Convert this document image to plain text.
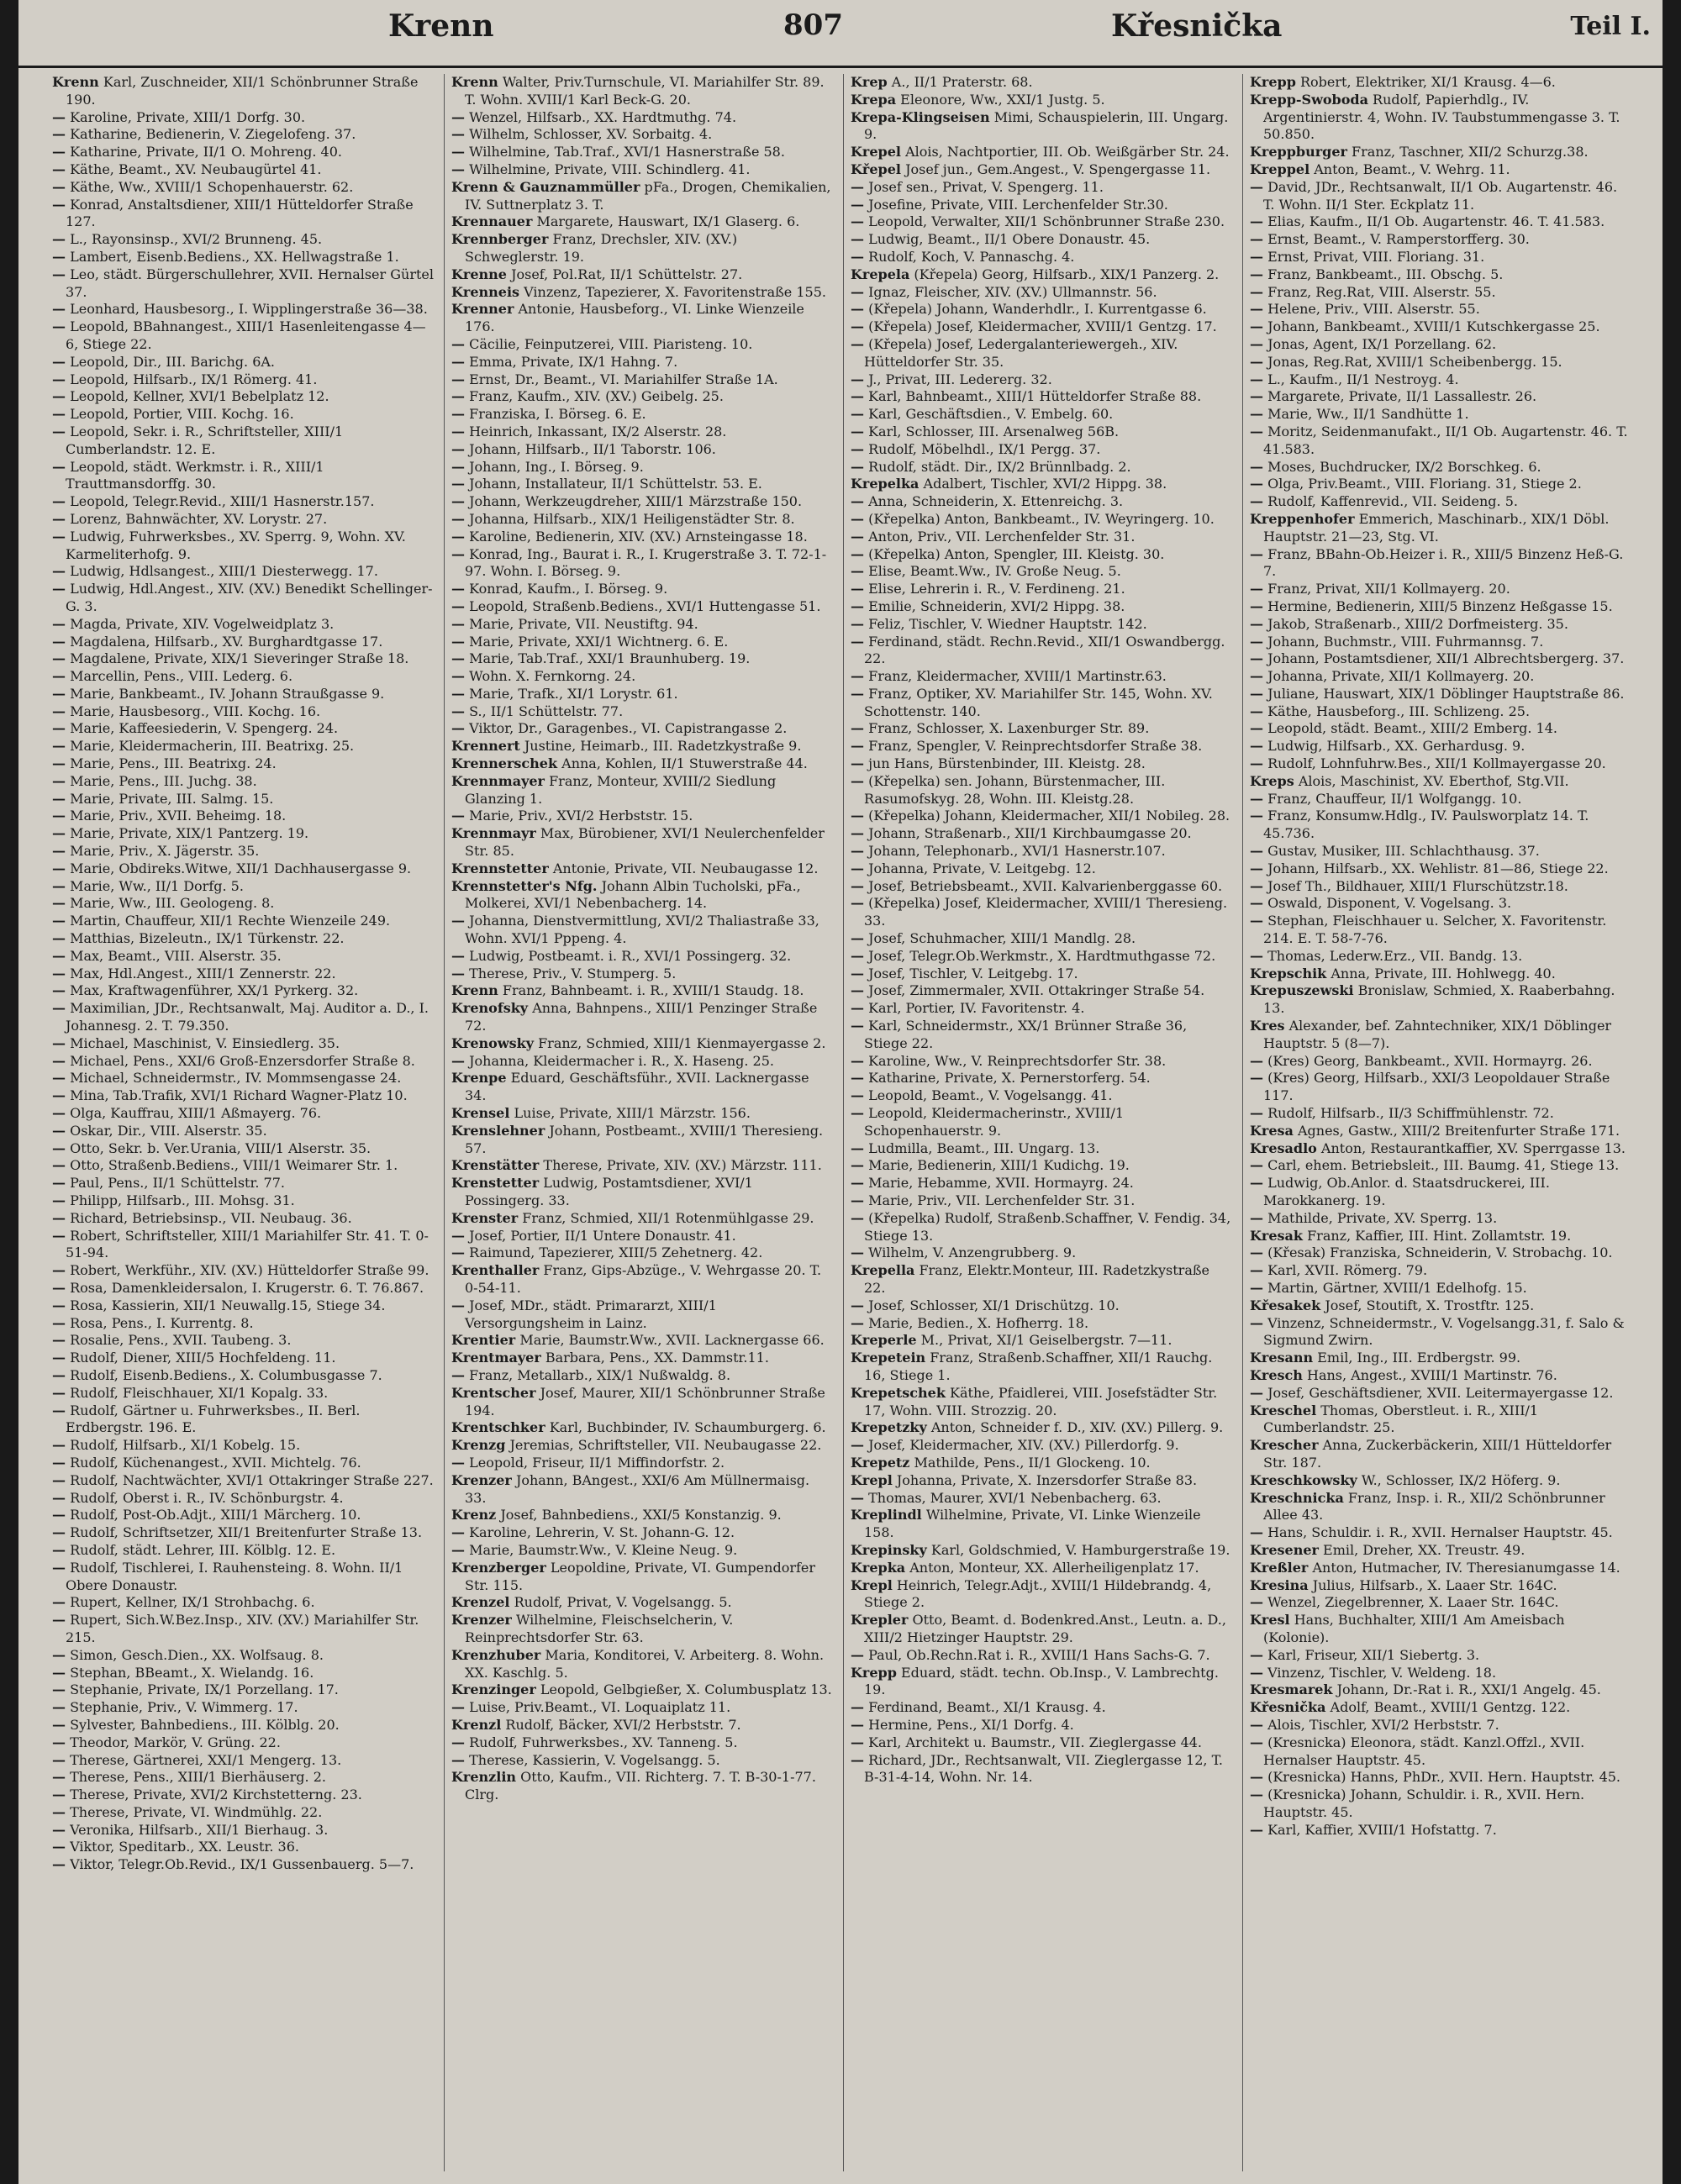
Krenn	807	Křesnička	Teil I.

Krenn Karl, Zuschneider, XII/1 Schönbrunner Straße 190.

— Karoline, Private, XIII/1 Dorfg. 30.

— Katharine, Bedienerin, V. Ziegelofeng. 37.

— Katharine, Private, II/1 O. Mohreng. 40.

— Käthe, Beamt., XV. Neubaugürtel 41.

— Käthe, Ww., XVIII/1 Schopenhauerstr. 62.

— Konrad, Anstaltsdiener, XIII/1 Hütteldorfer Straße 127.

— L., Rayonsinsp., XVI/2 Brunneng. 45.

— Lambert, Eisenb.Bediens., XX. Hellwagstraße 1.

— Leo, städt. Bürgerschullehrer, XVII. Hernalser Gürtel 37.

— Leonhard, Hausbesorg., I. Wipplingerstraße 36—38.

— Leopold, BBahnangest., XIII/1 Hasenleitengasse 4—6, Stiege 22.

— Leopold, Dir., III. Barichg. 6A.

— Leopold, Hilfsarb., IX/1 Römerg. 41.

— Leopold, Kellner, XVI/1 Bebelplatz 12.

— Leopold, Portier, VIII. Kochg. 16.

— Leopold, Sekr. i. R., Schriftsteller, XIII/1 Cumberlandstr. 12. E.

— Leopold, städt. Werkmstr. i. R., XIII/1 Trauttmansdorffg. 30.

— Leopold, Telegr.Revid., XIII/1 Hasnerstr.157.

— Lorenz, Bahnwächter, XV. Lorystr. 27.

— Ludwig, Fuhrwerksbes., XV. Sperrg. 9, Wohn. XV. Karmeliterhofg. 9.

— Ludwig, Hdlsangest., XIII/1 Diesterwegg. 17.

— Ludwig, Hdl.Angest., XIV. (XV.) Benedikt Schellinger-G. 3.

— Magda, Private, XIV. Vogelweidplatz 3.

— Magdalena, Hilfsarb., XV. Burghardtgasse 17.

— Magdalene, Private, XIX/1 Sieveringer Straße 18.

— Marcellin, Pens., VIII. Lederg. 6.

— Marie, Bankbeamt., IV. Johann Straußgasse 9.

— Marie, Hausbesorg., VIII. Kochg. 16.

— Marie, Kaffeesiederin, V. Spengerg. 24.

— Marie, Kleidermacherin, III. Beatrixg. 25.

— Marie, Pens., III. Beatrixg. 24.

— Marie, Pens., III. Juchg. 38.

— Marie, Private, III. Salmg. 15.

— Marie, Priv., XVII. Beheimg. 18.

— Marie, Private, XIX/1 Pantzerg. 19.

— Marie, Priv., X. Jägerstr. 35.

— Marie, Obdireks.Witwe, XII/1 Dachhausergasse 9.

— Marie, Ww., II/1 Dorfg. 5.

— Marie, Ww., III. Geologeng. 8.

— Martin, Chauffeur, XII/1 Rechte Wienzeile 249.

— Matthias, Bizeleutn., IX/1 Türkenstr. 22.

— Max, Beamt., VIII. Alserstr. 35.

— Max, Hdl.Angest., XIII/1 Zennerstr. 22.

— Max, Kraftwagenführer, XX/1 Pyrkerg. 32.

— Maximilian, JDr., Rechtsanwalt, Maj. Auditor a. D., I. Johannesg. 2. T. 79.350.

— Michael, Maschinist, V. Einsiedlerg. 35.

— Michael, Pens., XXI/6 Groß-Enzersdorfer Straße 8.

— Michael, Schneidermstr., IV. Mommsengasse 24.

— Mina, Tab.Trafik, XVI/1 Richard Wagner-Platz 10.

— Olga, Kauffrau, XIII/1 Aßmayerg. 76.

— Oskar, Dir., VIII. Alserstr. 35.

— Otto, Sekr. b. Ver.Urania, VIII/1 Alserstr. 35.

— Otto, Straßenb.Bediens., VIII/1 Weimarer Str. 1.

— Paul, Pens., II/1 Schüttelstr. 77.

— Philipp, Hilfsarb., III. Mohsg. 31.

— Richard, Betriebsinsp., VII. Neubaug. 36.

— Robert, Schriftsteller, XIII/1 Mariahilfer Str. 41. T. 0-51-94.

— Robert, Werkführ., XIV. (XV.) Hütteldorfer Straße 99.

— Rosa, Damenkleidersalon, I. Krugerstr. 6. T. 76.867.

— Rosa, Kassierin, XII/1 Neuwallg.15, Stiege 34.

— Rosa, Pens., I. Kurrentg. 8.

— Rosalie, Pens., XVII. Taubeng. 3.

— Rudolf, Diener, XIII/5 Hochfeldeng. 11.

— Rudolf, Eisenb.Bediens., X. Columbusgasse 7.

— Rudolf, Fleischhauer, XI/1 Kopalg. 33.

— Rudolf, Gärtner u. Fuhrwerksbes., II. Berl. Erdbergstr. 196. E.

— Rudolf, Hilfsarb., XI/1 Kobelg. 15.

— Rudolf, Küchenangest., XVII. Michtelg. 76.

— Rudolf, Nachtwächter, XVI/1 Ottakringer Straße 227.

— Rudolf, Oberst i. R., IV. Schönburgstr. 4.

— Rudolf, Post-Ob.Adjt., XIII/1 Märcherg. 10.

— Rudolf, Schriftsetzer, XII/1 Breitenfurter Straße 13.

— Rudolf, städt. Lehrer, III. Kölblg. 12. E.

— Rudolf, Tischlerei, I. Rauhensteing. 8. Wohn. II/1 Obere Donaustr.

— Rupert, Kellner, IX/1 Strohbachg. 6.

— Rupert, Sich.W.Bez.Insp., XIV. (XV.) Mariahilfer Str. 215.

— Simon, Gesch.Dien., XX. Wolfsaug. 8.

— Stephan, BBeamt., X. Wielandg. 16.

— Stephanie, Private, IX/1 Porzellang. 17.

— Stephanie, Priv., V. Wimmerg. 17.

— Sylvester, Bahnbediens., III. Kölblg. 20.

— Theodor, Markör, V. Grüng. 22.

— Therese, Gärtnerei, XXI/1 Mengerg. 13.

— Therese, Pens., XIII/1 Bierhäuserg. 2.

— Therese, Private, XVI/2 Kirchstetterng. 23.

— Therese, Private, VI. Windmühlg. 22.

— Veronika, Hilfsarb., XII/1 Bierhaug. 3.

— Viktor, Speditarb., XX. Leustr. 36.

— Viktor, Telegr.Ob.Revid., IX/1 Gussenbauerg. 5—7.

Krenn Walter, Priv.Turnschule, VI. Mariahilfer Str. 89. T. Wohn. XVIII/1 Karl Beck-G. 20.

— Wenzel, Hilfsarb., XX. Hardtmuthg. 74.

— Wilhelm, Schlosser, XV. Sorbaitg. 4.

— Wilhelmine, Tab.Traf., XVI/1 Hasnerstraße 58.

— Wilhelmine, Private, VIII. Schindlerg. 41.

Krenn & Gauznammüller pFa., Drogen, Chemikalien, IV. Suttnerplatz 3. T.

Krennauer Margarete, Hauswart, IX/1 Glaserg. 6.

Krennberger Franz, Drechsler, XIV. (XV.) Schweglerstr. 19.

Krenne Josef, Pol.Rat, II/1 Schüttelstr. 27.

Krenneis Vinzenz, Tapezierer, X. Favoritenstraße 155.

Krenner Antonie, Hausbeforg., VI. Linke Wienzeile 176.

— Cäcilie, Feinputzerei, VIII. Piaristeng. 10.

— Emma, Private, IX/1 Hahng. 7.

— Ernst, Dr., Beamt., VI. Mariahilfer Straße 1A.

— Franz, Kaufm., XIV. (XV.) Geibelg. 25.

— Franziska, I. Börseg. 6. E.

— Heinrich, Inkassant, IX/2 Alserstr. 28.

— Johann, Hilfsarb., II/1 Taborstr. 106.

— Johann, Ing., I. Börseg. 9.

— Johann, Installateur, II/1 Schüttelstr. 53. E.

— Johann, Werkzeugdreher, XIII/1 Märzstraße 150.

— Johanna, Hilfsarb., XIX/1 Heiligenstädter Str. 8.

— Karoline, Bedienerin, XIV. (XV.) Arnsteingasse 18.

— Konrad, Ing., Baurat i. R., I. Krugerstraße 3. T. 72-1-97. Wohn. I. Börseg. 9.

— Konrad, Kaufm., I. Börseg. 9.

— Leopold, Straßenb.Bediens., XVI/1 Huttengasse 51.

— Marie, Private, VII. Neustiftg. 94.

— Marie, Private, XXI/1 Wichtnerg. 6. E.

— Marie, Tab.Traf., XXI/1 Braunhuberg. 19.

— Wohn. X. Fernkorng. 24.

— Marie, Trafk., XI/1 Lorystr. 61.

— S., II/1 Schüttelstr. 77.

— Viktor, Dr., Garagenbes., VI. Capistrangasse 2.

Krennert Justine, Heimarb., III. Radetzkystraße 9.

Krennerschek Anna, Kohlen, II/1 Stuwerstraße 44.

Krennmayer Franz, Monteur, XVIII/2 Siedlung Glanzing 1.

— Marie, Priv., XVI/2 Herbststr. 15.

Krennmayr Max, Bürobiener, XVI/1 Neulerchenfelder Str. 85.

Krennstetter Antonie, Private, VII. Neubaugasse 12.

Krennstetter's Nfg. Johann Albin Tucholski, pFa., Molkerei, XVI/1 Nebenbacherg. 14.

— Johanna, Dienstvermittlung, XVI/2 Thaliastraße 33, Wohn. XVI/1 Pppeng. 4.

— Ludwig, Postbeamt. i. R., XVI/1 Possingerg. 32.

— Therese, Priv., V. Stumperg. 5.

Krenn Franz, Bahnbeamt. i. R., XVIII/1 Staudg. 18.

Krenofsky Anna, Bahnpens., XIII/1 Penzinger Straße 72.

Krenowsky Franz, Schmied, XIII/1 Kienmayergasse 2.

— Johanna, Kleidermacher i. R., X. Haseng. 25.

Krenpe Eduard, Geschäftsführ., XVII. Lacknergasse 34.

Krensel Luise, Private, XIII/1 Märzstr. 156.

Krenslehner Johann, Postbeamt., XVIII/1 Theresieng. 57.

Krenstätter Therese, Private, XIV. (XV.) Märzstr. 111.

Krenstetter Ludwig, Postamtsdiener, XVI/1 Possingerg. 33.

Krenster Franz, Schmied, XII/1 Rotenmühlgasse 29.

— Josef, Portier, II/1 Untere Donaustr. 41.

— Raimund, Tapezierer, XIII/5 Zehetnerg. 42.

Krenthaller Franz, Gips-Abzüge., V. Wehrgasse 20. T. 0-54-11.

— Josef, MDr., städt. Primararzt, XIII/1 Versorgungsheim in Lainz.

Krentier Marie, Baumstr.Ww., XVII. Lacknergasse 66.

Krentmayer Barbara, Pens., XX. Dammstr.11.

— Franz, Metallarb., XIX/1 Nußwaldg. 8.

Krentscher Josef, Maurer, XII/1 Schönbrunner Straße 194.

Krentschker Karl, Buchbinder, IV. Schaumburgerg. 6.

Krenzg Jeremias, Schriftsteller, VII. Neubaugasse 22.

— Leopold, Friseur, II/1 Miffindorfstr. 2.

Krenzer Johann, BAngest., XXI/6 Am Müllnermaisg. 33.

Krenz Josef, Bahnbediens., XXI/5 Konstanzig. 9.

— Karoline, Lehrerin, V. St. Johann-G. 12.

— Marie, Baumstr.Ww., V. Kleine Neug. 9.

Krenzberger Leopoldine, Private, VI. Gumpendorfer Str. 115.

Krenzel Rudolf, Privat, V. Vogelsangg. 5.

Krenzer Wilhelmine, Fleischselcherin, V. Reinprechtsdorfer Str. 63.

Krenzhuber Maria, Konditorei, V. Arbeiterg. 8. Wohn. XX. Kaschlg. 5.

Krenzinger Leopold, Gelbgießer, X. Columbusplatz 13.

— Luise, Priv.Beamt., VI. Loquaiplatz 11.

Krenzl Rudolf, Bäcker, XVI/2 Herbststr. 7.

— Rudolf, Fuhrwerksbes., XV. Tanneng. 5.

— Therese, Kassierin, V. Vogelsangg. 5.

Krenzlin Otto, Kaufm., VII. Richterg. 7. T. B-30-1-77. Clrg.

Krep A., II/1 Praterstr. 68.

Krepa Eleonore, Ww., XXI/1 Justg. 5.

Krepa-Klingseisen Mimi, Schauspielerin, III. Ungarg. 9.

Krepel Alois, Nachtportier, III. Ob. Weißgärber Str. 24.

Křepel Josef jun., Gem.Angest., V. Spengergasse 11.

— Josef sen., Privat, V. Spengerg. 11.

— Josefine, Private, VIII. Lerchenfelder Str.30.

— Leopold, Verwalter, XII/1 Schönbrunner Straße 230.

— Ludwig, Beamt., II/1 Obere Donaustr. 45.

— Rudolf, Koch, V. Pannaschg. 4.

Krepela (Křepela) Georg, Hilfsarb., XIX/1 Panzerg. 2.

— Ignaz, Fleischer, XIV. (XV.) Ullmannstr. 56.

— (Křepela) Johann, Wanderhdlr., I. Kurrentgasse 6.

— (Křepela) Josef, Kleidermacher, XVIII/1 Gentzg. 17.

— (Křepela) Josef, Ledergalanteriewergeh., XIV. Hütteldorfer Str. 35.

— J., Privat, III. Ledererg. 32.

— Karl, Bahnbeamt., XIII/1 Hütteldorfer Straße 88.

— Karl, Geschäftsdien., V. Embelg. 60.

— Karl, Schlosser, III. Arsenalweg 56B.

— Rudolf, Möbelhdl., IX/1 Pergg. 37.

— Rudolf, städt. Dir., IX/2 Brünnlbadg. 2.

Krepelka Adalbert, Tischler, XVI/2 Hippg. 38.

— Anna, Schneiderin, X. Ettenreichg. 3.

— (Křepelka) Anton, Bankbeamt., IV. Weyringerg. 10.

— Anton, Priv., VII. Lerchenfelder Str. 31.

— (Křepelka) Anton, Spengler, III. Kleistg. 30.

— Elise, Beamt.Ww., IV. Große Neug. 5.

— Elise, Lehrerin i. R., V. Ferdineng. 21.

— Emilie, Schneiderin, XVI/2 Hippg. 38.

— Feliz, Tischler, V. Wiedner Hauptstr. 142.

— Ferdinand, städt. Rechn.Revid., XII/1 Oswandbergg. 22.

— Franz, Kleidermacher, XVIII/1 Martinstr.63.

— Franz, Optiker, XV. Mariahilfer Str. 145, Wohn. XV. Schottenstr. 140.

— Franz, Schlosser, X. Laxenburger Str. 89.

— Franz, Spengler, V. Reinprechtsdorfer Straße 38.

— jun Hans, Bürstenbinder, III. Kleistg. 28.

— (Křepelka) sen. Johann, Bürstenmacher, III. Rasumofskyg. 28, Wohn. III. Kleistg.28.

— (Křepelka) Johann, Kleidermacher, XII/1 Nobileg. 28.

— Johann, Straßenarb., XII/1 Kirchbaumgasse 20.

— Johann, Telephonarb., XVI/1 Hasnerstr.107.

— Johanna, Private, V. Leitgebg. 12.

— Josef, Betriebsbeamt., XVII. Kalvarienberggasse 60.

— (Křepelka) Josef, Kleidermacher, XVIII/1 Theresieng. 33.

— Josef, Schuhmacher, XIII/1 Mandlg. 28.

— Josef, Telegr.Ob.Werkmstr., X. Hardtmuthgasse 72.

— Josef, Tischler, V. Leitgebg. 17.

— Josef, Zimmermaler, XVII. Ottakringer Straße 54.

— Karl, Portier, IV. Favoritenstr. 4.

— Karl, Schneidermstr., XX/1 Brünner Straße 36, Stiege 22.

— Karoline, Ww., V. Reinprechtsdorfer Str. 38.

— Katharine, Private, X. Pernerstorferg. 54.

— Leopold, Beamt., V. Vogelsangg. 41.

— Leopold, Kleidermacherinstr., XVIII/1 Schopenhauerstr. 9.

— Ludmilla, Beamt., III. Ungarg. 13.

— Marie, Bedienerin, XIII/1 Kudichg. 19.

— Marie, Hebamme, XVII. Hormayrg. 24.

— Marie, Priv., VII. Lerchenfelder Str. 31.

— (Křepelka) Rudolf, Straßenb.Schaffner, V. Fendig. 34, Stiege 13.

— Wilhelm, V. Anzengrubberg. 9.

Krepella Franz, Elektr.Monteur, III. Radetzkystraße 22.

— Josef, Schlosser, XI/1 Drischützg. 10.

— Marie, Bedien., X. Hofherrg. 18.

Kreperle M., Privat, XI/1 Geiselbergstr. 7—11.

Krepetein Franz, Straßenb.Schaffner, XII/1 Rauchg. 16, Stiege 1.

Krepetschek Käthe, Pfaidlerei, VIII. Josefstädter Str. 17, Wohn. VIII. Strozzig. 20.

Krepetzky Anton, Schneider f. D., XIV. (XV.) Pillerg. 9.

— Josef, Kleidermacher, XIV. (XV.) Pillerdorfg. 9.

Krepetz Mathilde, Pens., II/1 Glockeng. 10.

Krepl Johanna, Private, X. Inzersdorfer Straße 83.

— Thomas, Maurer, XVI/1 Nebenbacherg. 63.

Kreplindl Wilhelmine, Private, VI. Linke Wienzeile 158.

Krepinsky Karl, Goldschmied, V. Hamburgerstraße 19.

Krepka Anton, Monteur, XX. Allerheiligenplatz 17.

Krepl Heinrich, Telegr.Adjt., XVIII/1 Hildebrandg. 4, Stiege 2.

Krepler Otto, Beamt. d. Bodenkred.Anst., Leutn. a. D., XIII/2 Hietzinger Hauptstr. 29.

— Paul, Ob.Rechn.Rat i. R., XVIII/1 Hans Sachs-G. 7.

Krepp Eduard, städt. techn. Ob.Insp., V. Lambrechtg. 19.

— Ferdinand, Beamt., XI/1 Krausg. 4.

— Hermine, Pens., XI/1 Dorfg. 4.

— Karl, Architekt u. Baumstr., VII. Zieglergasse 44.

— Richard, JDr., Rechtsanwalt, VII. Zieglergasse 12, T. B-31-4-14, Wohn. Nr. 14.

Krepp Robert, Elektriker, XI/1 Krausg. 4—6.

Krepp-Swoboda Rudolf, Papierhdlg., IV. Argentinierstr. 4, Wohn. IV. Taubstummengasse 3. T. 50.850.

Kreppburger Franz, Taschner, XII/2 Schurzg.38.

Kreppel Anton, Beamt., V. Wehrg. 11.

— David, JDr., Rechtsanwalt, II/1 Ob. Augartenstr. 46. T. Wohn. II/1 Ster. Eckplatz 11.

— Elias, Kaufm., II/1 Ob. Augartenstr. 46. T. 41.583.

— Ernst, Beamt., V. Ramperstorfferg. 30.

— Ernst, Privat, VIII. Floriang. 31.

— Franz, Bankbeamt., III. Obschg. 5.

— Franz, Reg.Rat, VIII. Alserstr. 55.

— Helene, Priv., VIII. Alserstr. 55.

— Johann, Bankbeamt., XVIII/1 Kutschkergasse 25.

— Jonas, Agent, IX/1 Porzellang. 62.

— Jonas, Reg.Rat, XVIII/1 Scheibenbergg. 15.

— L., Kaufm., II/1 Nestroyg. 4.

— Margarete, Private, II/1 Lassallestr. 26.

— Marie, Ww., II/1 Sandhütte 1.

— Moritz, Seidenmanufakt., II/1 Ob. Augartenstr. 46. T. 41.583.

— Moses, Buchdrucker, IX/2 Borschkeg. 6.

— Olga, Priv.Beamt., VIII. Floriang. 31, Stiege 2.

— Rudolf, Kaffenrevid., VII. Seideng. 5.

Kreppenhofer Emmerich, Maschinarb., XIX/1 Döbl. Hauptstr. 21—23, Stg. VI.

— Franz, BBahn-Ob.Heizer i. R., XIII/5 Binzenz Heß-G. 7.

— Franz, Privat, XII/1 Kollmayerg. 20.

— Hermine, Bedienerin, XIII/5 Binzenz Heßgasse 15.

— Jakob, Straßenarb., XIII/2 Dorfmeisterg. 35.

— Johann, Buchmstr., VIII. Fuhrmannsg. 7.

— Johann, Postamtsdiener, XII/1 Albrechtsbergerg. 37.

— Johanna, Private, XII/1 Kollmayerg. 20.

— Juliane, Hauswart, XIX/1 Döblinger Hauptstraße 86.

— Käthe, Hausbeforg., III. Schlizeng. 25.

— Leopold, städt. Beamt., XIII/2 Emberg. 14.

— Ludwig, Hilfsarb., XX. Gerhardusg. 9.

— Rudolf, Lohnfuhrw.Bes., XII/1 Kollmayergasse 20.

Kreps Alois, Maschinist, XV. Eberthof, Stg.VII.

— Franz, Chauffeur, II/1 Wolfgangg. 10.

— Franz, Konsumw.Hdlg., IV. Paulsworplatz 14. T. 45.736.

— Gustav, Musiker, III. Schlachthausg. 37.

— Johann, Hilfsarb., XX. Wehlistr. 81—86, Stiege 22.

— Josef Th., Bildhauer, XIII/1 Flurschützstr.18.

— Oswald, Disponent, V. Vogelsang. 3.

— Stephan, Fleischhauer u. Selcher, X. Favoritenstr. 214. E. T. 58-7-76.

— Thomas, Lederw.Erz., VII. Bandg. 13.

Krepschik Anna, Private, III. Hohlwegg. 40.

Krepuszewski Bronislaw, Schmied, X. Raaberbahng. 13.

Kres Alexander, bef. Zahntechniker, XIX/1 Döblinger Hauptstr. 5 (8—7).

— (Kres) Georg, Bankbeamt., XVII. Hormayrg. 26.

— (Kres) Georg, Hilfsarb., XXI/3 Leopoldauer Straße 117.

— Rudolf, Hilfsarb., II/3 Schiffmühlenstr. 72.

Kresa Agnes, Gastw., XIII/2 Breitenfurter Straße 171.

Kresadlo Anton, Restaurantkaffier, XV. Sperrgasse 13.

— Carl, ehem. Betriebsleit., III. Baumg. 41, Stiege 13.

— Ludwig, Ob.Anlor. d. Staatsdruckerei, III. Marokkanerg. 19.

— Mathilde, Private, XV. Sperrg. 13.

Kresak Franz, Kaffier, III. Hint. Zollamtstr. 19.

— (Křesak) Franziska, Schneiderin, V. Strobachg. 10.

— Karl, XVII. Römerg. 79.

— Martin, Gärtner, XVIII/1 Edelhofg. 15.

Křesakek Josef, Stoutift, X. Trostftr. 125.

— Vinzenz, Schneidermstr., V. Vogelsangg.31, f. Salo & Sigmund Zwirn.

Kresann Emil, Ing., III. Erdbergstr. 99.

Kresch Hans, Angest., XVIII/1 Martinstr. 76.

— Josef, Geschäftsdiener, XVII. Leitermayergasse 12.

Kreschel Thomas, Oberstleut. i. R., XIII/1 Cumberlandstr. 25.

Krescher Anna, Zuckerbäckerin, XIII/1 Hütteldorfer Str. 187.

Kreschkowsky W., Schlosser, IX/2 Höferg. 9.

Kreschnicka Franz, Insp. i. R., XII/2 Schönbrunner Allee 43.

— Hans, Schuldir. i. R., XVII. Hernalser Hauptstr. 45.

Kresener Emil, Dreher, XX. Treustr. 49.

Kreßler Anton, Hutmacher, IV. Theresianumgasse 14.

Kresina Julius, Hilfsarb., X. Laaer Str. 164C.

— Wenzel, Ziegelbrenner, X. Laaer Str. 164C.

Kresl Hans, Buchhalter, XIII/1 Am Ameisbach (Kolonie).

— Karl, Friseur, XII/1 Siebertg. 3.

— Vinzenz, Tischler, V. Weldeng. 18.

Kresmarek Johann, Dr.-Rat i. R., XXI/1 Angelg. 45.

Křesnička Adolf, Beamt., XVIII/1 Gentzg. 122.

— Alois, Tischler, XVI/2 Herbststr. 7.

— (Kresnicka) Eleonora, städt. Kanzl.Offzl., XVII. Hernalser Hauptstr. 45.

— (Kresnicka) Hanns, PhDr., XVII. Hern. Hauptstr. 45.

— (Kresnicka) Johann, Schuldir. i. R., XVII. Hern. Hauptstr. 45.

— Karl, Kaffier, XVIII/1 Hofstattg. 7.
